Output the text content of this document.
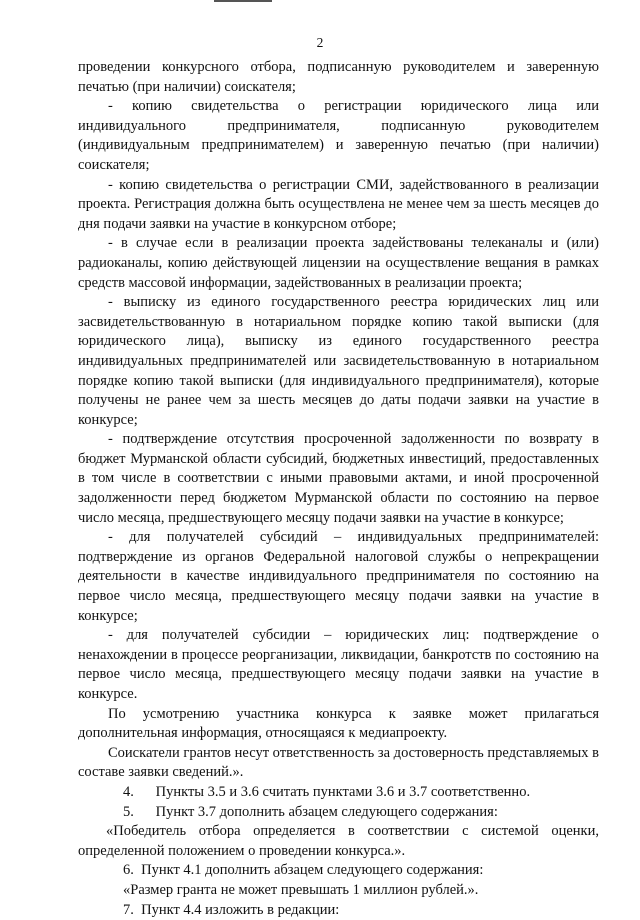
2

проведении конкурсного отбора, подписанную руководителем и заверенную печатью (при наличии) соискателя;

- копию свидетельства о регистрации юридического лица или индивидуального предпринимателя, подписанную руководителем (индивидуальным предпринимателем) и заверенную печатью (при наличии) соискателя;

- копию свидетельства о регистрации СМИ, задействованного в реализации проекта. Регистрация должна быть осуществлена не менее чем за шесть месяцев до дня подачи заявки на участие в конкурсном отборе;

- в случае если в реализации проекта задействованы телеканалы и (или) радиоканалы, копию действующей лицензии на осуществление вещания в рамках средств массовой информации, задействованных в реализации проекта;

- выписку из единого государственного реестра юридических лиц или засвидетельствованную в нотариальном порядке копию такой выписки (для юридического лица), выписку из единого государственного реестра индивидуальных предпринимателей или засвидетельствованную в нотариальном порядке копию такой выписки (для индивидуального предпринимателя), которые получены не ранее чем за шесть месяцев до даты подачи заявки на участие в конкурсе;

- подтверждение отсутствия просроченной задолженности по возврату в бюджет Мурманской области субсидий, бюджетных инвестиций, предоставленных в том числе в соответствии с иными правовыми актами, и иной просроченной задолженности перед бюджетом Мурманской области по состоянию на первое число месяца, предшествующего месяцу подачи заявки на участие в конкурсе;

- для получателей субсидий – индивидуальных предпринимателей: подтверждение из органов Федеральной налоговой службы о непрекращении деятельности в качестве индивидуального предпринимателя по состоянию на первое число месяца, предшествующего месяцу подачи заявки на участие в конкурсе;

- для получателей субсидии – юридических лиц: подтверждение о ненахождении в процессе реорганизации, ликвидации, банкротств по состоянию на первое число месяца, предшествующего месяцу подачи заявки на участие в конкурсе.

По усмотрению участника конкурса к заявке может прилагаться дополнительная информация, относящаяся к медиапроекту.

Соискатели грантов несут ответственность за достоверность представляемых в составе заявки сведений.».

4.      Пункты 3.5 и 3.6 считать пунктами 3.6 и 3.7 соответственно.

5.      Пункт 3.7 дополнить абзацем следующего содержания:

«Победитель отбора определяется в соответствии с системой оценки, определенной положением о проведении конкурса.».

6.  Пункт 4.1 дополнить абзацем следующего содержания:

«Размер гранта не может превышать 1 миллион рублей.».

7.  Пункт 4.4 изложить в редакции:
